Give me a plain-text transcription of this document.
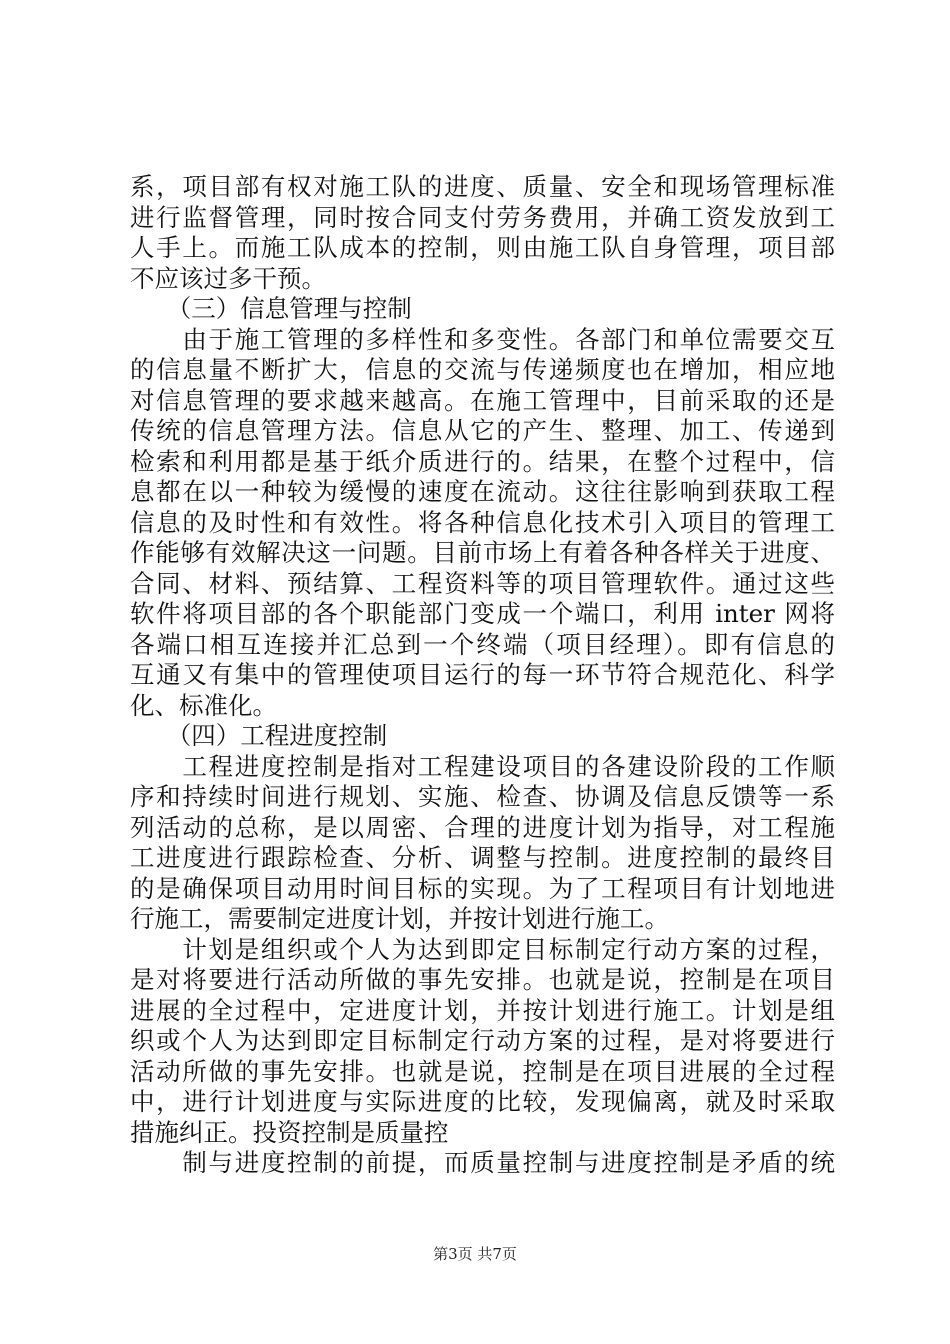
系，项目部有权对施工队的进度、质量、安全和现场管理标准
进行监督管理，同时按合同支付劳务费用，并确工资发放到工
人手上。而施工队成本的控制，则由施工队自身管理，项目部
不应该过多干预。
　　（三）信息管理与控制
　　由于施工管理的多样性和多变性。各部门和单位需要交互
的信息量不断扩大，信息的交流与传递频度也在增加，相应地
对信息管理的要求越来越高。在施工管理中，目前采取的还是
传统的信息管理方法。信息从它的产生、整理、加工、传递到
检索和利用都是基于纸介质进行的。结果，在整个过程中，信
息都在以一种较为缓慢的速度在流动。这往往影响到获取工程
信息的及时性和有效性。将各种信息化技术引入项目的管理工
作能够有效解决这一问题。目前市场上有着各种各样关于进度、
合同、材料、预结算、工程资料等的项目管理软件。通过这些
软件将项目部的各个职能部门变成一个端口，利用 inter 网将
各端口相互连接并汇总到一个终端（项目经理）。即有信息的
互通又有集中的管理使项目运行的每一环节符合规范化、科学
化、标准化。
　　（四）工程进度控制
　　工程进度控制是指对工程建设项目的各建设阶段的工作顺
序和持续时间进行规划、实施、检查、协调及信息反馈等一系
列活动的总称，是以周密、合理的进度计划为指导，对工程施
工进度进行跟踪检查、分析、调整与控制。进度控制的最终目
的是确保项目动用时间目标的实现。为了工程项目有计划地进
行施工，需要制定进度计划，并按计划进行施工。
　　计划是组织或个人为达到即定目标制定行动方案的过程，
是对将要进行活动所做的事先安排。也就是说，控制是在项目
进展的全过程中，定进度计划，并按计划进行施工。计划是组
织或个人为达到即定目标制定行动方案的过程，是对将要进行
活动所做的事先安排。也就是说，控制是在项目进展的全过程
中，进行计划进度与实际进度的比较，发现偏离，就及时采取
措施纠正。投资控制是质量控
　　制与进度控制的前提，而质量控制与进度控制是矛盾的统
第3页 共7页
